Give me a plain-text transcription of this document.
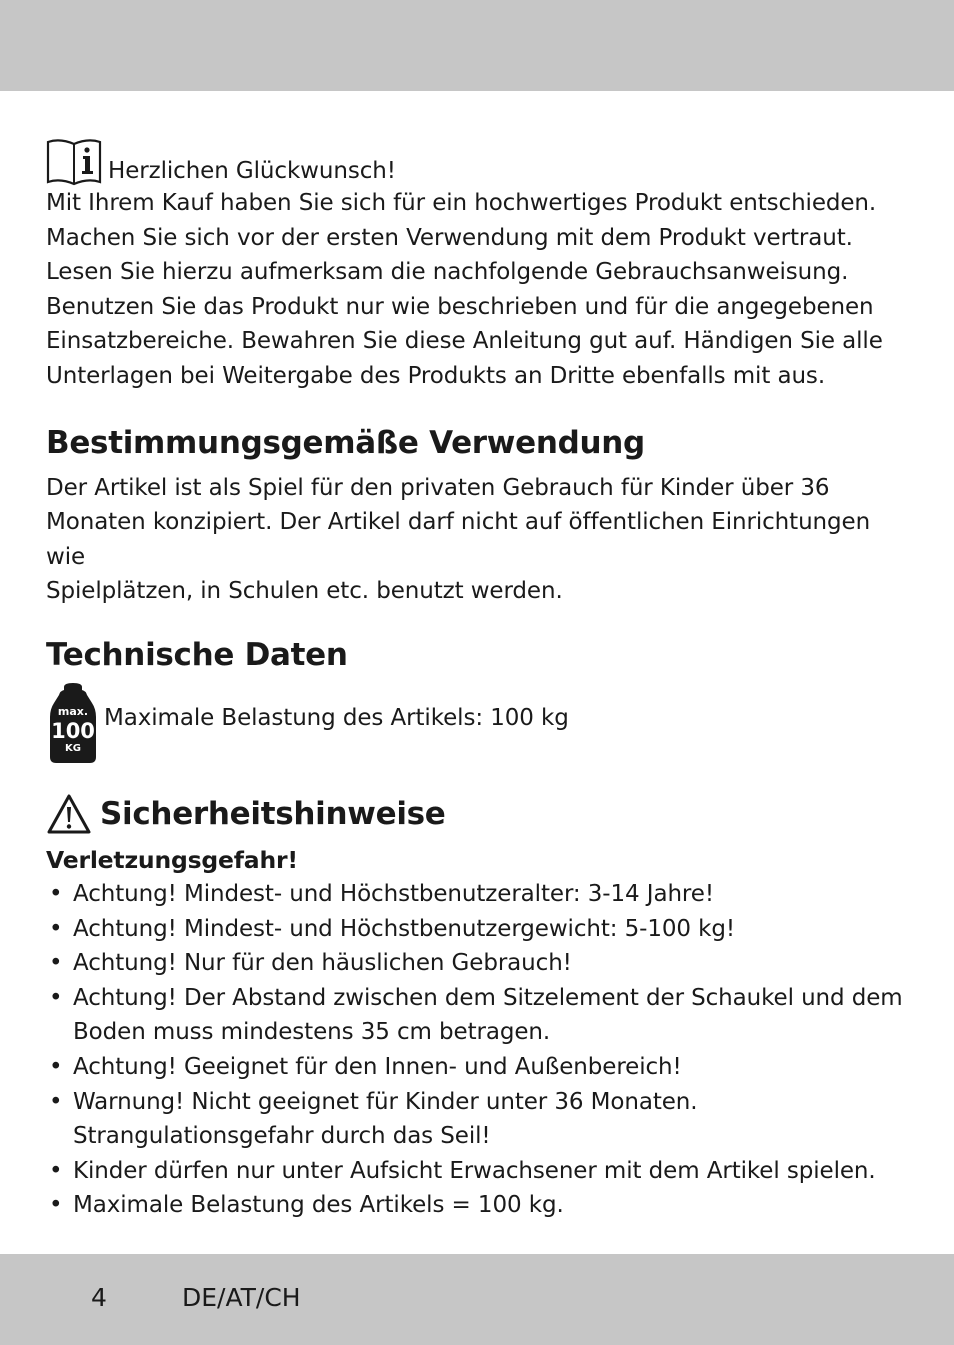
Herzlichen Glückwunsch!

Mit Ihrem Kauf haben Sie sich für ein hochwertiges Produkt entschieden.

Machen Sie sich vor der ersten Verwendung mit dem Produkt vertraut.

Lesen Sie hierzu aufmerksam die nachfolgende Gebrauchsanweisung.

Benutzen Sie das Produkt nur wie beschrieben und für die angegebenen

Einsatzbereiche. Bewahren Sie diese Anleitung gut auf. Händigen Sie alle

Unterlagen bei Weitergabe des Produkts an Dritte ebenfalls mit aus.

Bestimmungsgemäße Verwendung

Der Artikel ist als Spiel für den privaten Gebrauch für Kinder über 36

Monaten konzipiert. Der Artikel darf nicht auf öffentlichen Einrichtungen wie

Spielplätzen, in Schulen etc. benutzt werden.

Technische Daten
max.
100
KG

Maximale Belastung des Artikels: 100 kg

Sicherheitshinweise
Verletzungsgefahr!
• Achtung! Mindest- und Höchstbenutzeralter: 3-14 Jahre!
• Achtung! Mindest- und Höchstbenutzergewicht: 5-100 kg!
• Achtung! Nur für den häuslichen Gebrauch!
• Achtung! Der Abstand zwischen dem Sitzelement der Schaukel und dem
Boden muss mindestens 35 cm betragen.
• Achtung! Geeignet für den Innen- und Außenbereich!
• Warnung! Nicht geeignet für Kinder unter 36 Monaten.
Strangulationsgefahr durch das Seil!
• Kinder dürfen nur unter Aufsicht Erwachsener mit dem Artikel spielen.
• Maximale Belastung des Artikels = 100 kg.
4	DE/AT/CH
